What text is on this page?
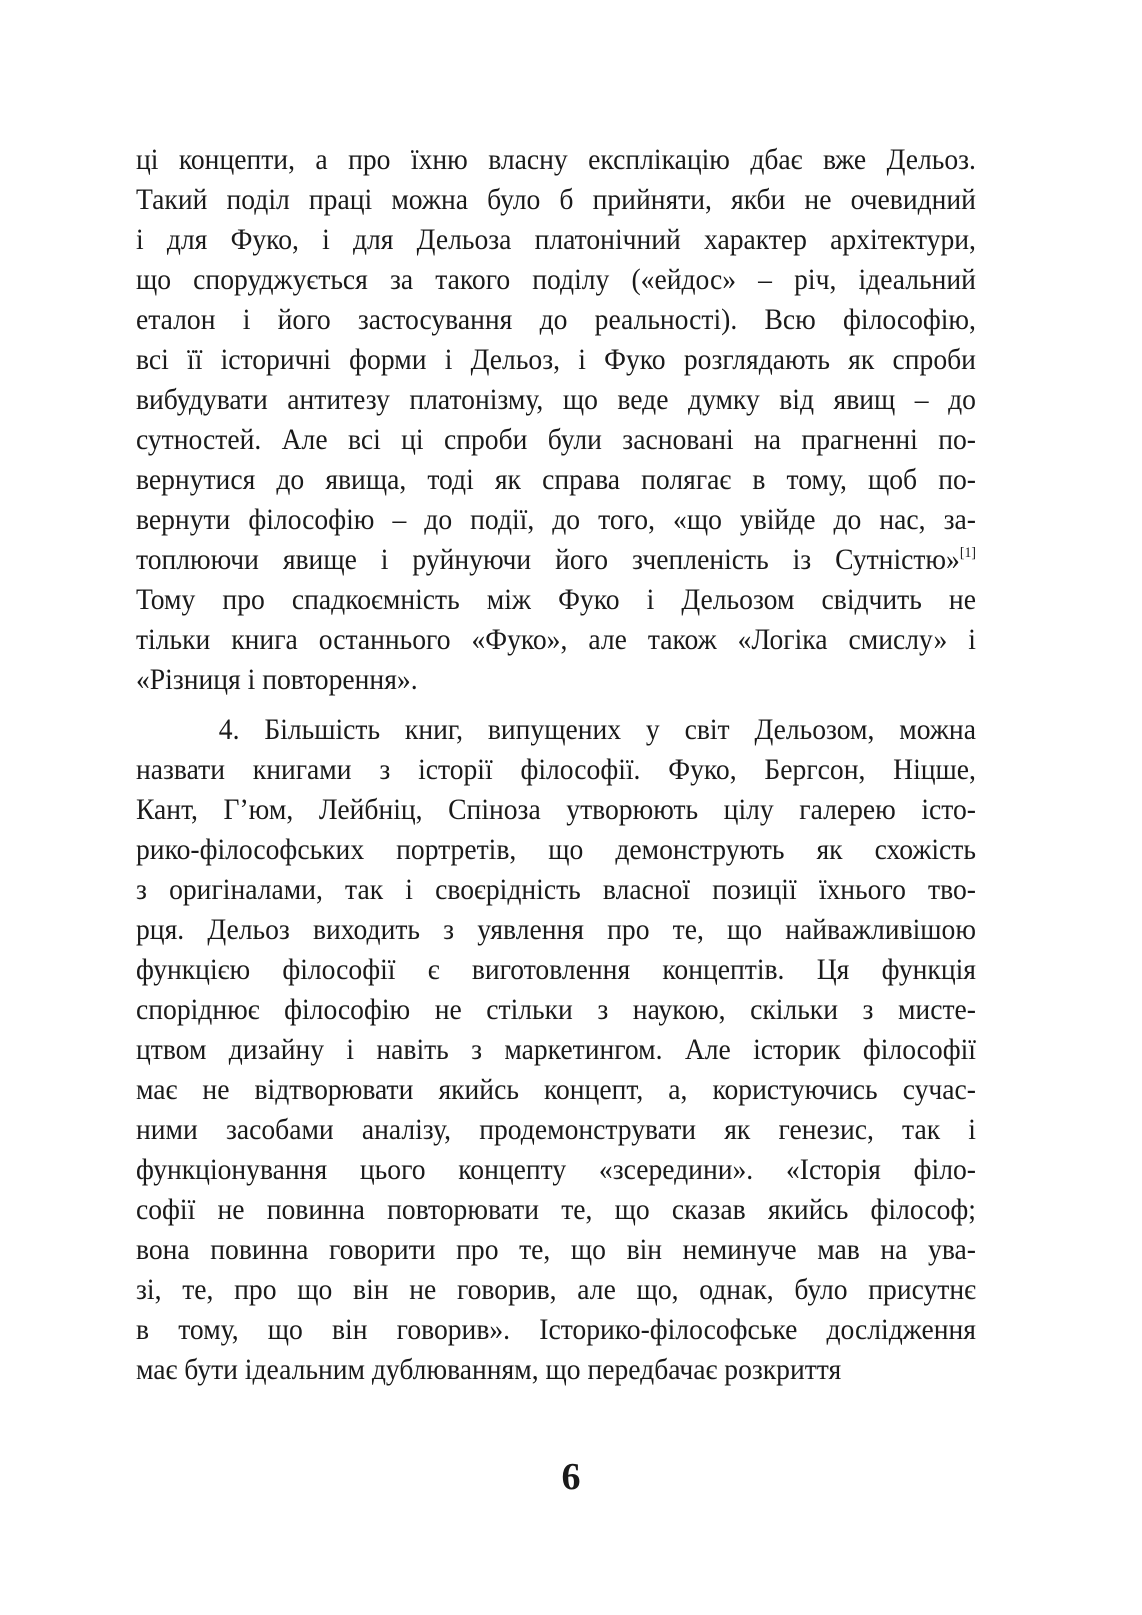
ці концепти, а про їхню власну експлікацію дбає вже Дельоз.
Такий поділ праці можна було б прийняти, якби не очевидний
і для Фуко, і для Дельоза платонічний характер архітектури,
що споруджується за такого поділу («ейдос» – річ, ідеальний
еталон і його застосування до реальності). Всю філософію,
всі її історичні форми і Дельоз, і Фуко розглядають як спроби
вибудувати антитезу платонізму, що веде думку від явищ – до
сутностей. Але всі ці спроби були засновані на прагненні по-
вернутися до явища, тоді як справа полягає в тому, щоб по-
вернути філософію – до події, до того, «що увійде до нас, за-
топлюючи явище і руйнуючи його зчепленість із Сутністю»[1]
Тому про спадкоємність між Фуко і Дельозом свідчить не
тільки книга останнього «Фуко», але також «Логіка смислу» і
«Різниця і повторення».
4. Більшість книг, випущених у світ Дельозом, можна
назвати книгами з історії філософії. Фуко, Бергсон, Ніцше,
Кант, Г’юм, Лейбніц, Спіноза утворюють цілу галерею істо-
рико-філософських портретів, що демонструють як схожість
з оригіналами, так і своєрідність власної позиції їхнього тво-
рця. Дельоз виходить з уявлення про те, що найважливішою
функцією філософії є виготовлення концептів. Ця функція
споріднює філософію не стільки з наукою, скільки з мисте-
цтвом дизайну і навіть з маркетингом. Але історик філософії
має не відтворювати якийсь концепт, а, користуючись сучас-
ними засобами аналізу, продемонструвати як генезис, так і
функціонування цього концепту «зсередини». «Історія філо-
софії не повинна повторювати те, що сказав якийсь філософ;
вона повинна говорити про те, що він неминуче мав на ува-
зі, те, про що він не говорив, але що, однак, було присутнє
в тому, що він говорив». Історико-філософське дослідження
має бути ідеальним дублюванням, що передбачає розкриття
6
